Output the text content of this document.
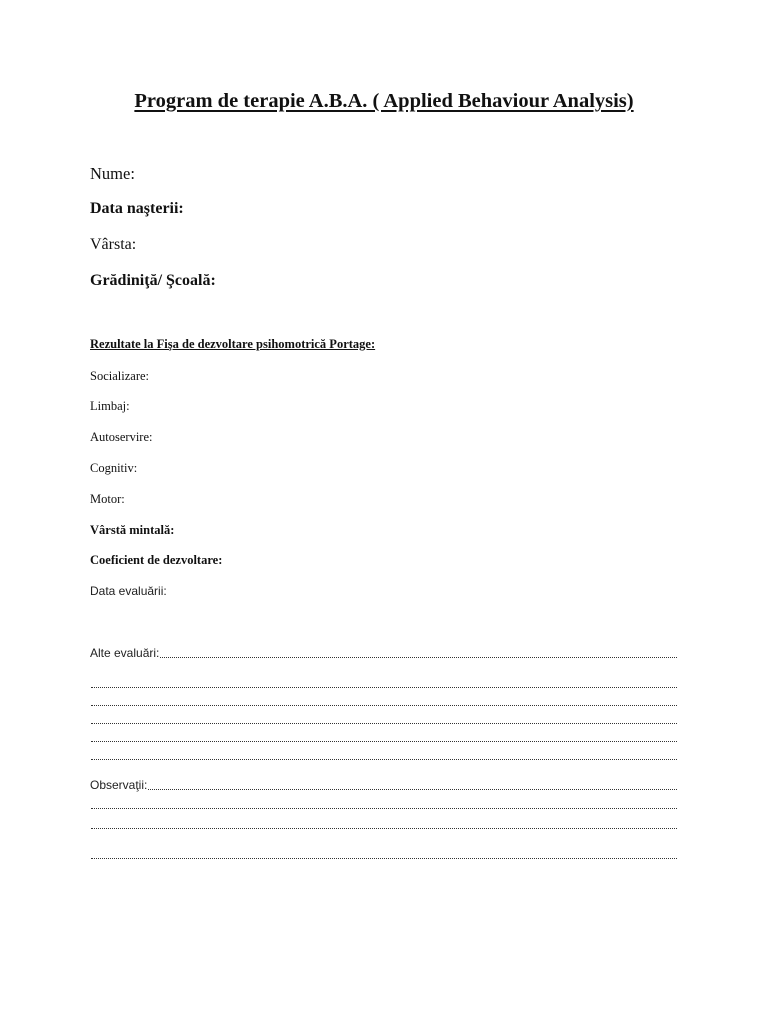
Program de terapie A.B.A. ( Applied Behaviour Analysis)
Nume:
Data naşterii:
Vârsta:
Grădiniţă/ Şcoală:
Rezultate la Fişa de dezvoltare psihomotrică Portage:
Socializare:
Limbaj:
Autoservire:
Cognitiv:
Motor:
Vârstă mintală:
Coeficient de dezvoltare:
Data evaluării:
Alte evaluări:
Observaţii:
